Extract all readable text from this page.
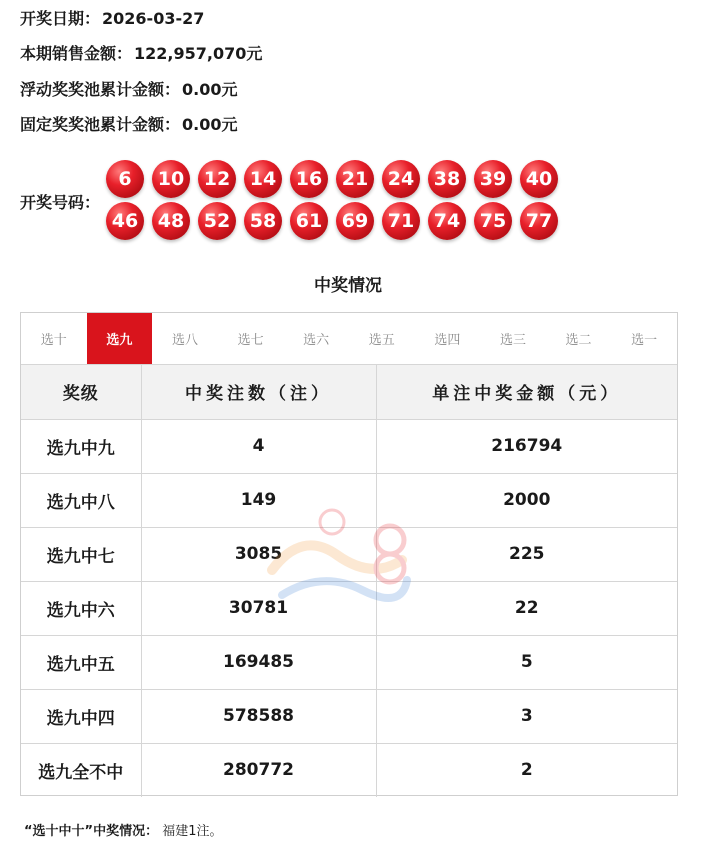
开奖日期： 2026-03-27
本期销售金额： 122,957,070元
浮动奖奖池累计金额： 0.00元
固定奖奖池累计金额： 0.00元
开奖号码：
6	10	12	14	16	21	24	38	39	40
46	48	52	58	61	69	71	74	75	77
中奖情况
选十	选九	选八	选七	选六	选五	选四	选三	选二	选一
奖级	中奖注数（注）	单注中奖金额（元）
选九中九	4	216794
选九中八	149	2000
选九中七	3085	225
选九中六	30781	22
选九中五	169485	5
选九中四	578588	3
选九全不中	280772	2
“选十中十”中奖情况： 福建1注。
